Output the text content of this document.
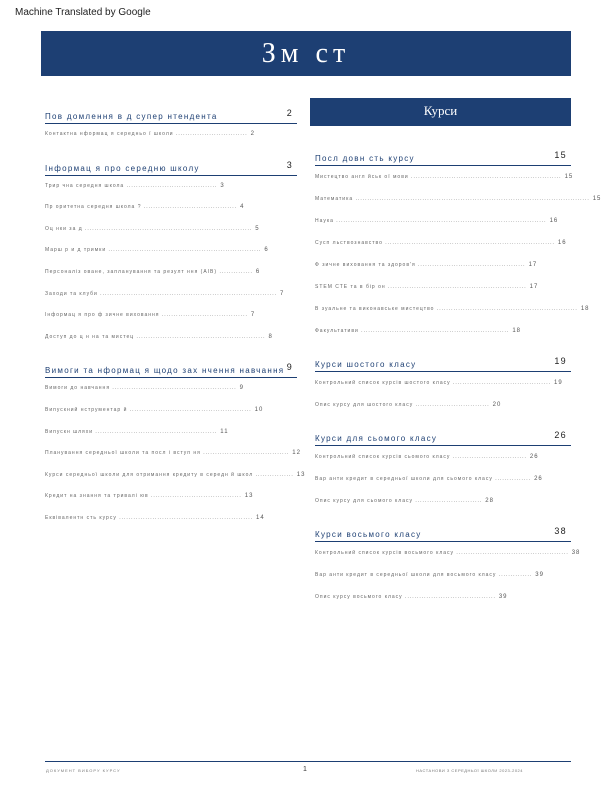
Machine Translated by Google
Зм ст
Курси
Пов домлення в д супер нтендента	2
Контактна нформац я середньо ї школи .............................. 2
Інформац я про середню школу	3
Трир чна середня школа ...................................... 3
Пр оритетна середня школа ? ....................................... 4
Оц нки за д ...................................................................... 5
Марш р и д тримки ................................................................ 6
Персоналіз оване, запланування та резулт ння (АІВ) .............. 6
Заходи та клуби .......................................................................... 7
Інформац я про ф зичне виховання .................................... 7
Доступ до ц н на та мистец ...................................................... 8
Вимоги та нформац я щодо зах нчення навчання 9
Вимоги до навчання .................................................... 9
Випускний нструментар й ................................................... 10
Випускн шляхи ................................................... 11
Планування середньої школи та посл і вступ ня .................................... 12
Курси середньої школи для отримання кредиту в середн й школ ................ 13
Кредит на знання та тривалі юв ...................................... 13
Еквівалентн сть курсу ........................................................ 14
Посл довн сть курсу	15
Мистецтво англ йськ ої мови ............................................................... 15
Математика .................................................................................................. 15
Наука ........................................................................................ 16
Сусп льствознавство ....................................................................... 16
Ф зичне виховання та здоров'я ............................................. 17
STEM СТЕ та в бір он .......................................................... 17
В зуальне та виконавське мистецтво ........................................................... 18
Факультативи .............................................................. 18
Курси шостого класу	19
Контрольний список курсів шостого класу ......................................... 19
Опис курсу для шостого класу ............................... 20
Курси для сьомого класу	26
Контрольний список курсів сьомого класу ............................... 26
Вар анти кредит в середньої школи для сьомого класу ............... 26
Опис курсу для сьомого класу ............................ 28
Курси восьмого класу	38
Контрольний список курсів восьмого класу ............................................... 38
Вар анти кредит в середньої школи для восьмого класу .............. 39
Опис курсу восьмого класу ...................................... 39
ДОКУМЕНТ ВИБОРУ КУРСУ	1	НАСТАНОВИ З СЕРЕДНЬОЇ ШКОЛИ 2023-2024
